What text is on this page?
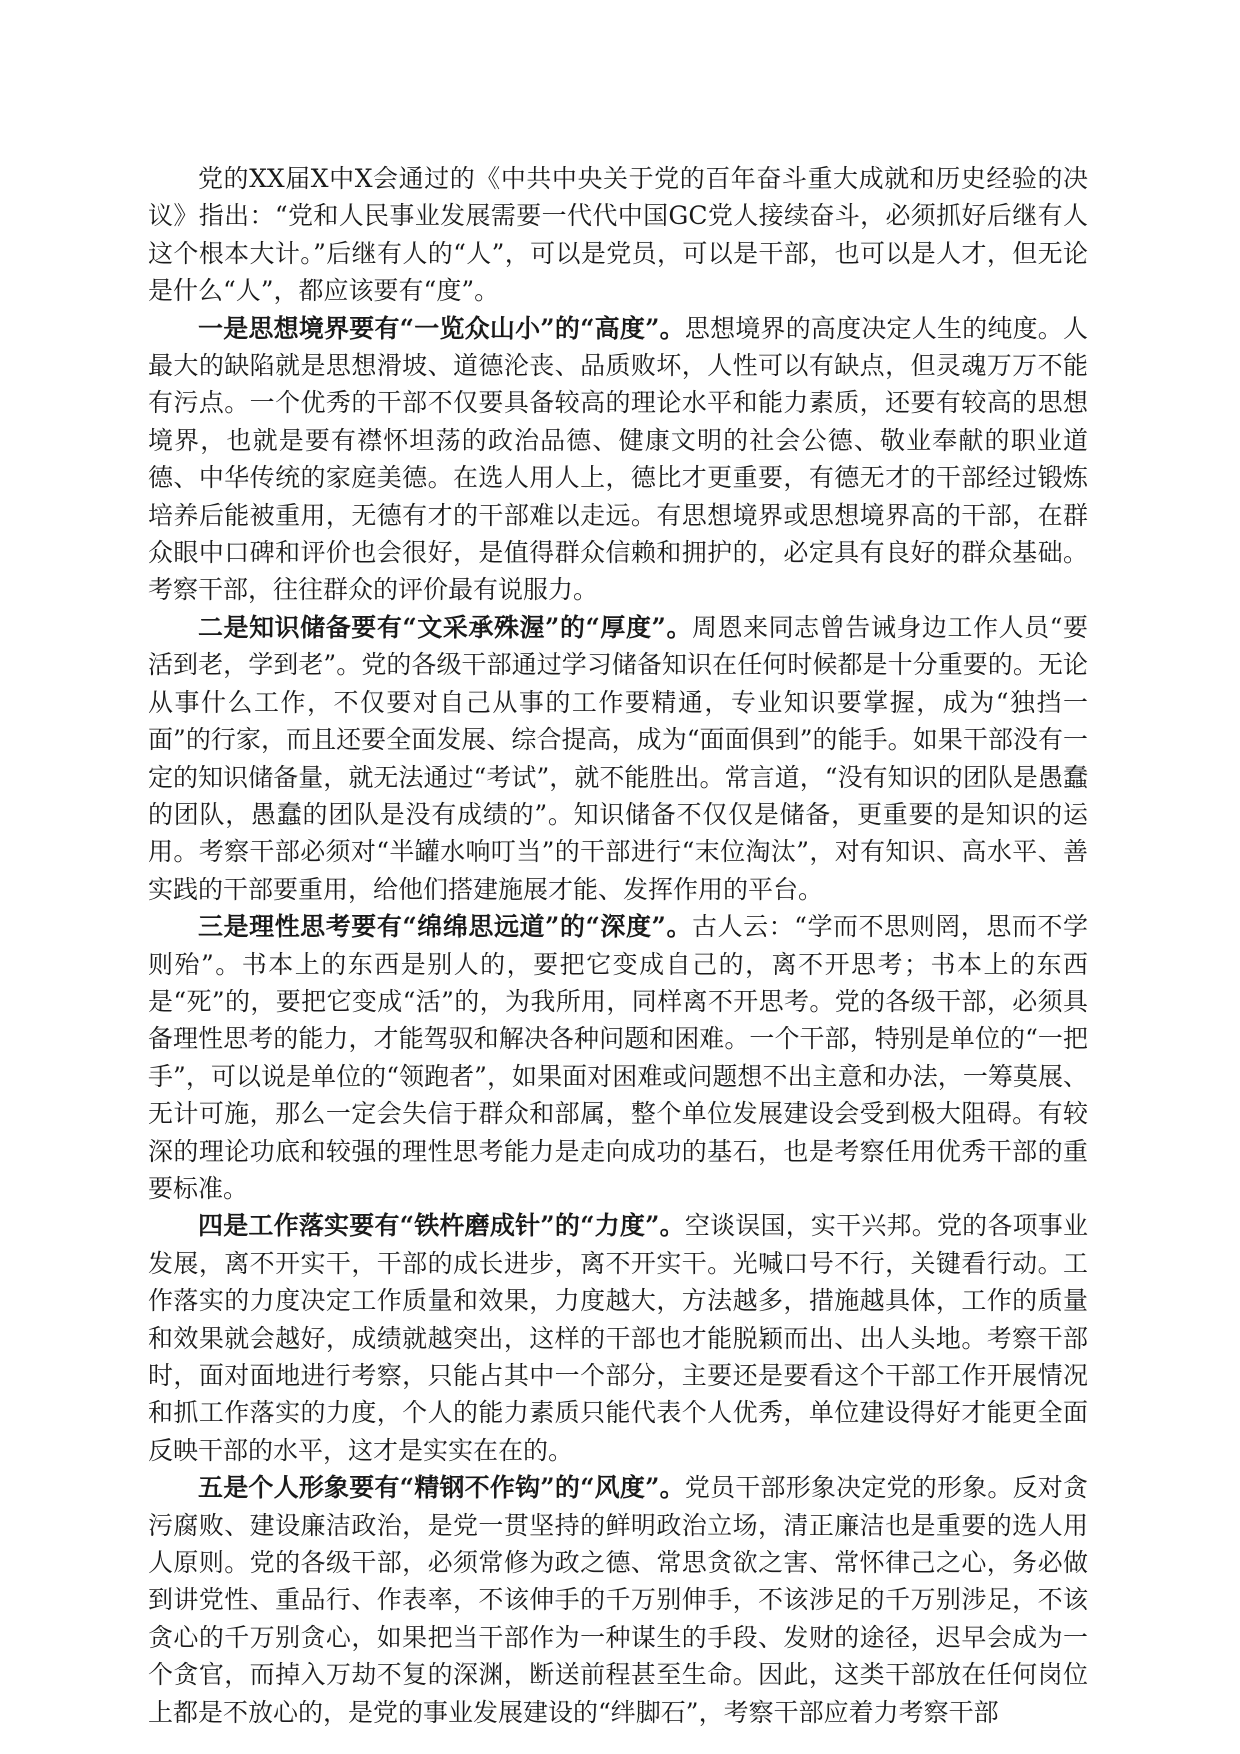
党的XX届X中X会通过的《中共中央关于党的百年奋斗重大成就和历史经验的决议》指出：“党和人民事业发展需要一代代中国GC党人接续奋斗，必须抓好后继有人这个根本大计。”后继有人的“人”，可以是党员，可以是干部，也可以是人才，但无论是什么“人”，都应该要有“度”。

一是思想境界要有“一览众山小”的“高度”。思想境界的高度决定人生的纯度。人最大的缺陷就是思想滑坡、道德沦丧、品质败坏，人性可以有缺点，但灵魂万万不能有污点。一个优秀的干部不仅要具备较高的理论水平和能力素质，还要有较高的思想境界，也就是要有襟怀坦荡的政治品德、健康文明的社会公德、敬业奉献的职业道德、中华传统的家庭美德。在选人用人上，德比才更重要，有德无才的干部经过锻炼培养后能被重用，无德有才的干部难以走远。有思想境界或思想境界高的干部，在群众眼中口碑和评价也会很好，是值得群众信赖和拥护的，必定具有良好的群众基础。考察干部，往往群众的评价最有说服力。

二是知识储备要有“文采承殊渥”的“厚度”。周恩来同志曾告诫身边工作人员“要活到老，学到老”。党的各级干部通过学习储备知识在任何时候都是十分重要的。无论从事什么工作，不仅要对自己从事的工作要精通，专业知识要掌握，成为“独挡一面”的行家，而且还要全面发展、综合提高，成为“面面俱到”的能手。如果干部没有一定的知识储备量，就无法通过“考试”，就不能胜出。常言道，“没有知识的团队是愚蠢的团队，愚蠢的团队是没有成绩的”。知识储备不仅仅是储备，更重要的是知识的运用。考察干部必须对“半罐水响叮当”的干部进行“末位淘汰”，对有知识、高水平、善实践的干部要重用，给他们搭建施展才能、发挥作用的平台。

三是理性思考要有“绵绵思远道”的“深度”。古人云：“学而不思则罔，思而不学则殆”。书本上的东西是别人的，要把它变成自己的，离不开思考；书本上的东西是“死”的，要把它变成“活”的，为我所用，同样离不开思考。党的各级干部，必须具备理性思考的能力，才能驾驭和解决各种问题和困难。一个干部，特别是单位的“一把手”，可以说是单位的“领跑者”，如果面对困难或问题想不出主意和办法，一筹莫展、无计可施，那么一定会失信于群众和部属，整个单位发展建设会受到极大阻碍。有较深的理论功底和较强的理性思考能力是走向成功的基石，也是考察任用优秀干部的重要标准。

四是工作落实要有“铁杵磨成针”的“力度”。空谈误国，实干兴邦。党的各项事业发展，离不开实干，干部的成长进步，离不开实干。光喊口号不行，关键看行动。工作落实的力度决定工作质量和效果，力度越大，方法越多，措施越具体，工作的质量和效果就会越好，成绩就越突出，这样的干部也才能脱颖而出、出人头地。考察干部时，面对面地进行考察，只能占其中一个部分，主要还是要看这个干部工作开展情况和抓工作落实的力度，个人的能力素质只能代表个人优秀，单位建设得好才能更全面反映干部的水平，这才是实实在在的。

五是个人形象要有“精钢不作钩”的“风度”。党员干部形象决定党的形象。反对贪污腐败、建设廉洁政治，是党一贯坚持的鲜明政治立场，清正廉洁也是重要的选人用人原则。党的各级干部，必须常修为政之德、常思贪欲之害、常怀律己之心，务必做到讲党性、重品行、作表率，不该伸手的千万别伸手，不该涉足的千万别涉足，不该贪心的千万别贪心，如果把当干部作为一种谋生的手段、发财的途径，迟早会成为一个贪官，而掉入万劫不复的深渊，断送前程甚至生命。因此，这类干部放在任何岗位上都是不放心的，是党的事业发展建设的“绊脚石”，考察干部应着力考察干部
